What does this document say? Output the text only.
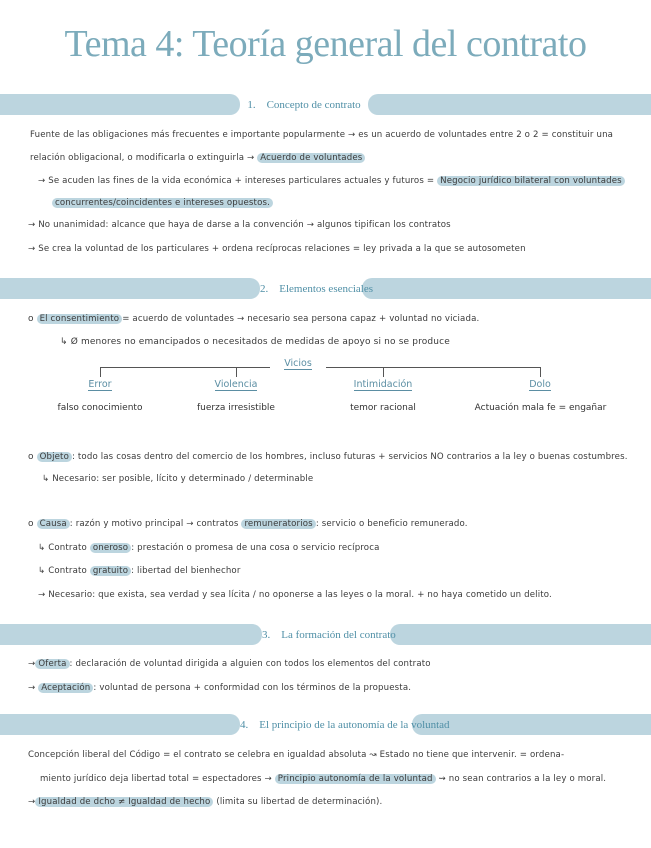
Tema 4: Teoría general del contrato
1. Concepto de contrato
Fuente de las obligaciones más frecuentes e importante popularmente → es un acuerdo de voluntades entre 2 o 2 = constituir una
relación obligacional, o modificarla o extinguirla → Acuerdo de voluntades
→ Se acuden las fines de la vida económica + intereses particulares actuales y futuros = Negocio jurídico bilateral con voluntades
concurrentes/coincidentes e intereses opuestos.
→ No unanimidad: alcance que haya de darse a la convención → algunos tipifican los contratos
→ Se crea la voluntad de los particulares + ordena recíprocas relaciones = ley privada a la que se autosometen
2. Elementos esenciales
o El consentimiento = acuerdo de voluntades → necesario sea persona capaz + voluntad no viciada.
↳ Ø menores no emancipados o necesitados de medidas de apoyo si no se produce
Vicios
Error	Violencia	Intimidación	Dolo
falso conocimiento	fuerza irresistible	temor racional	Actuación mala fe = engañar
o Objeto : todo las cosas dentro del comercio de los hombres, incluso futuras + servicios NO contrarios a la ley o buenas costumbres.
↳ Necesario: ser posible, lícito y determinado / determinable
o Causa : razón y motivo principal → contratos remuneratorios : servicio o beneficio remunerado.
↳ Contrato oneroso : prestación o promesa de una cosa o servicio recíproca
↳ Contrato gratuito : libertad del bienhechor
→ Necesario: que exista, sea verdad y sea lícita / no oponerse a las leyes o la moral. + no haya cometido un delito.
3. La formación del contrato
→ Oferta : declaración de voluntad dirigida a alguien con todos los elementos del contrato
→ Aceptación : voluntad de persona + conformidad con los términos de la propuesta.
4. El principio de la autonomía de la voluntad
Concepción liberal del Código = el contrato se celebra en igualdad absoluta ↝ Estado no tiene que intervenir. = ordena-
miento jurídico deja libertad total = espectadores → Principio autonomía de la voluntad ⇝ no sean contrarios a la ley o moral.
→ Igualdad de dcho ≠ Igualdad de hecho (limita su libertad de determinación).
